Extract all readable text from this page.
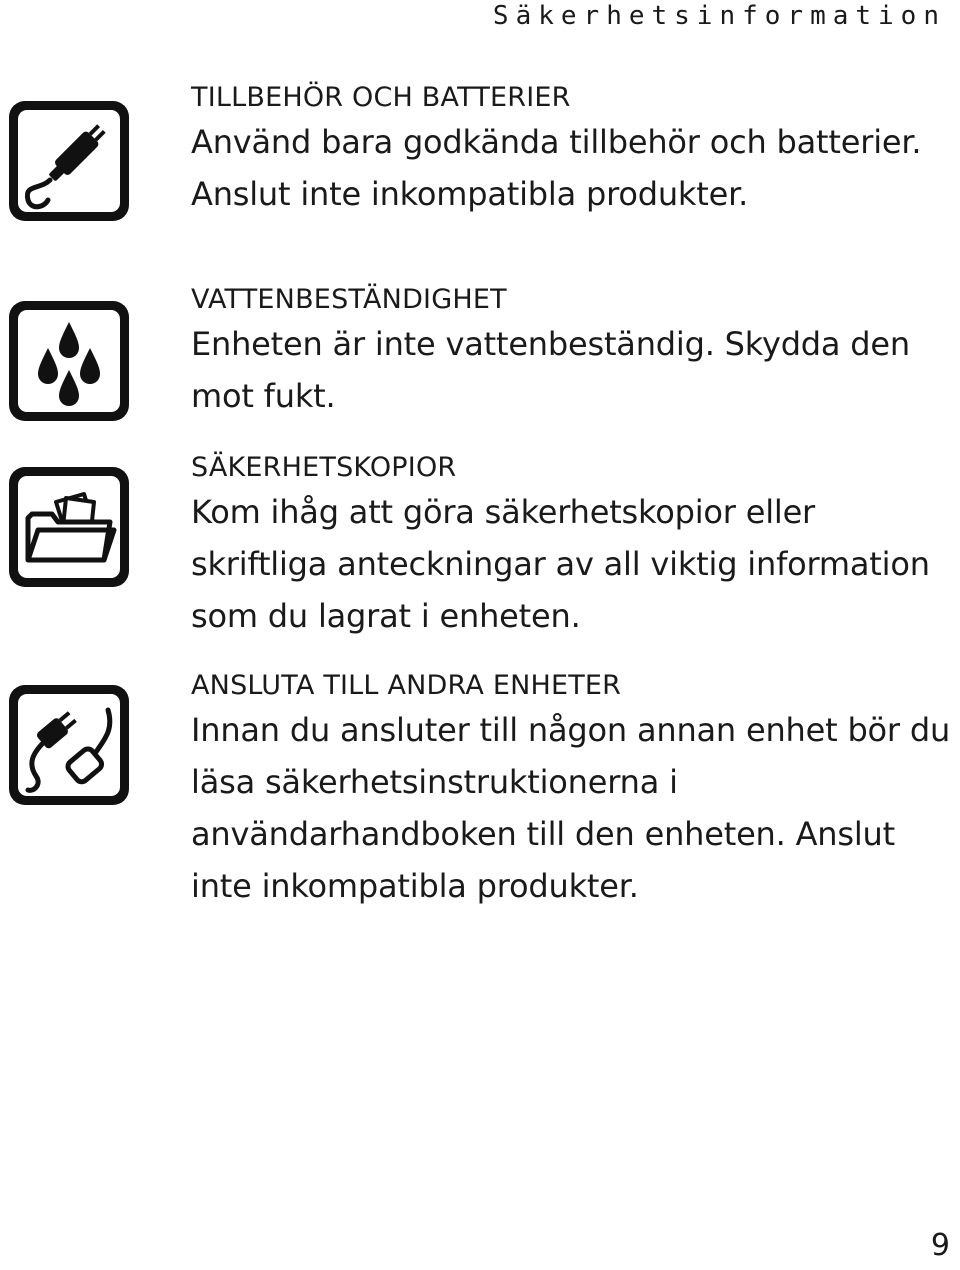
Säkerhetsinformation

TILLBEHÖR OCH BATTERIER

Använd bara godkända tillbehör och batterier. Anslut inte inkompatibla produkter.

VATTENBESTÄNDIGHET

Enheten är inte vattenbeständig. Skydda den mot fukt.

SÄKERHETSKOPIOR

Kom ihåg att göra säkerhetskopior eller skriftliga anteckningar av all viktig information som du lagrat i enheten.

ANSLUTA TILL ANDRA ENHETER

Innan du ansluter till någon annan enhet bör du läsa säkerhetsinstruktionerna i användarhandboken till den enheten. Anslut inte inkompatibla produkter.

9
